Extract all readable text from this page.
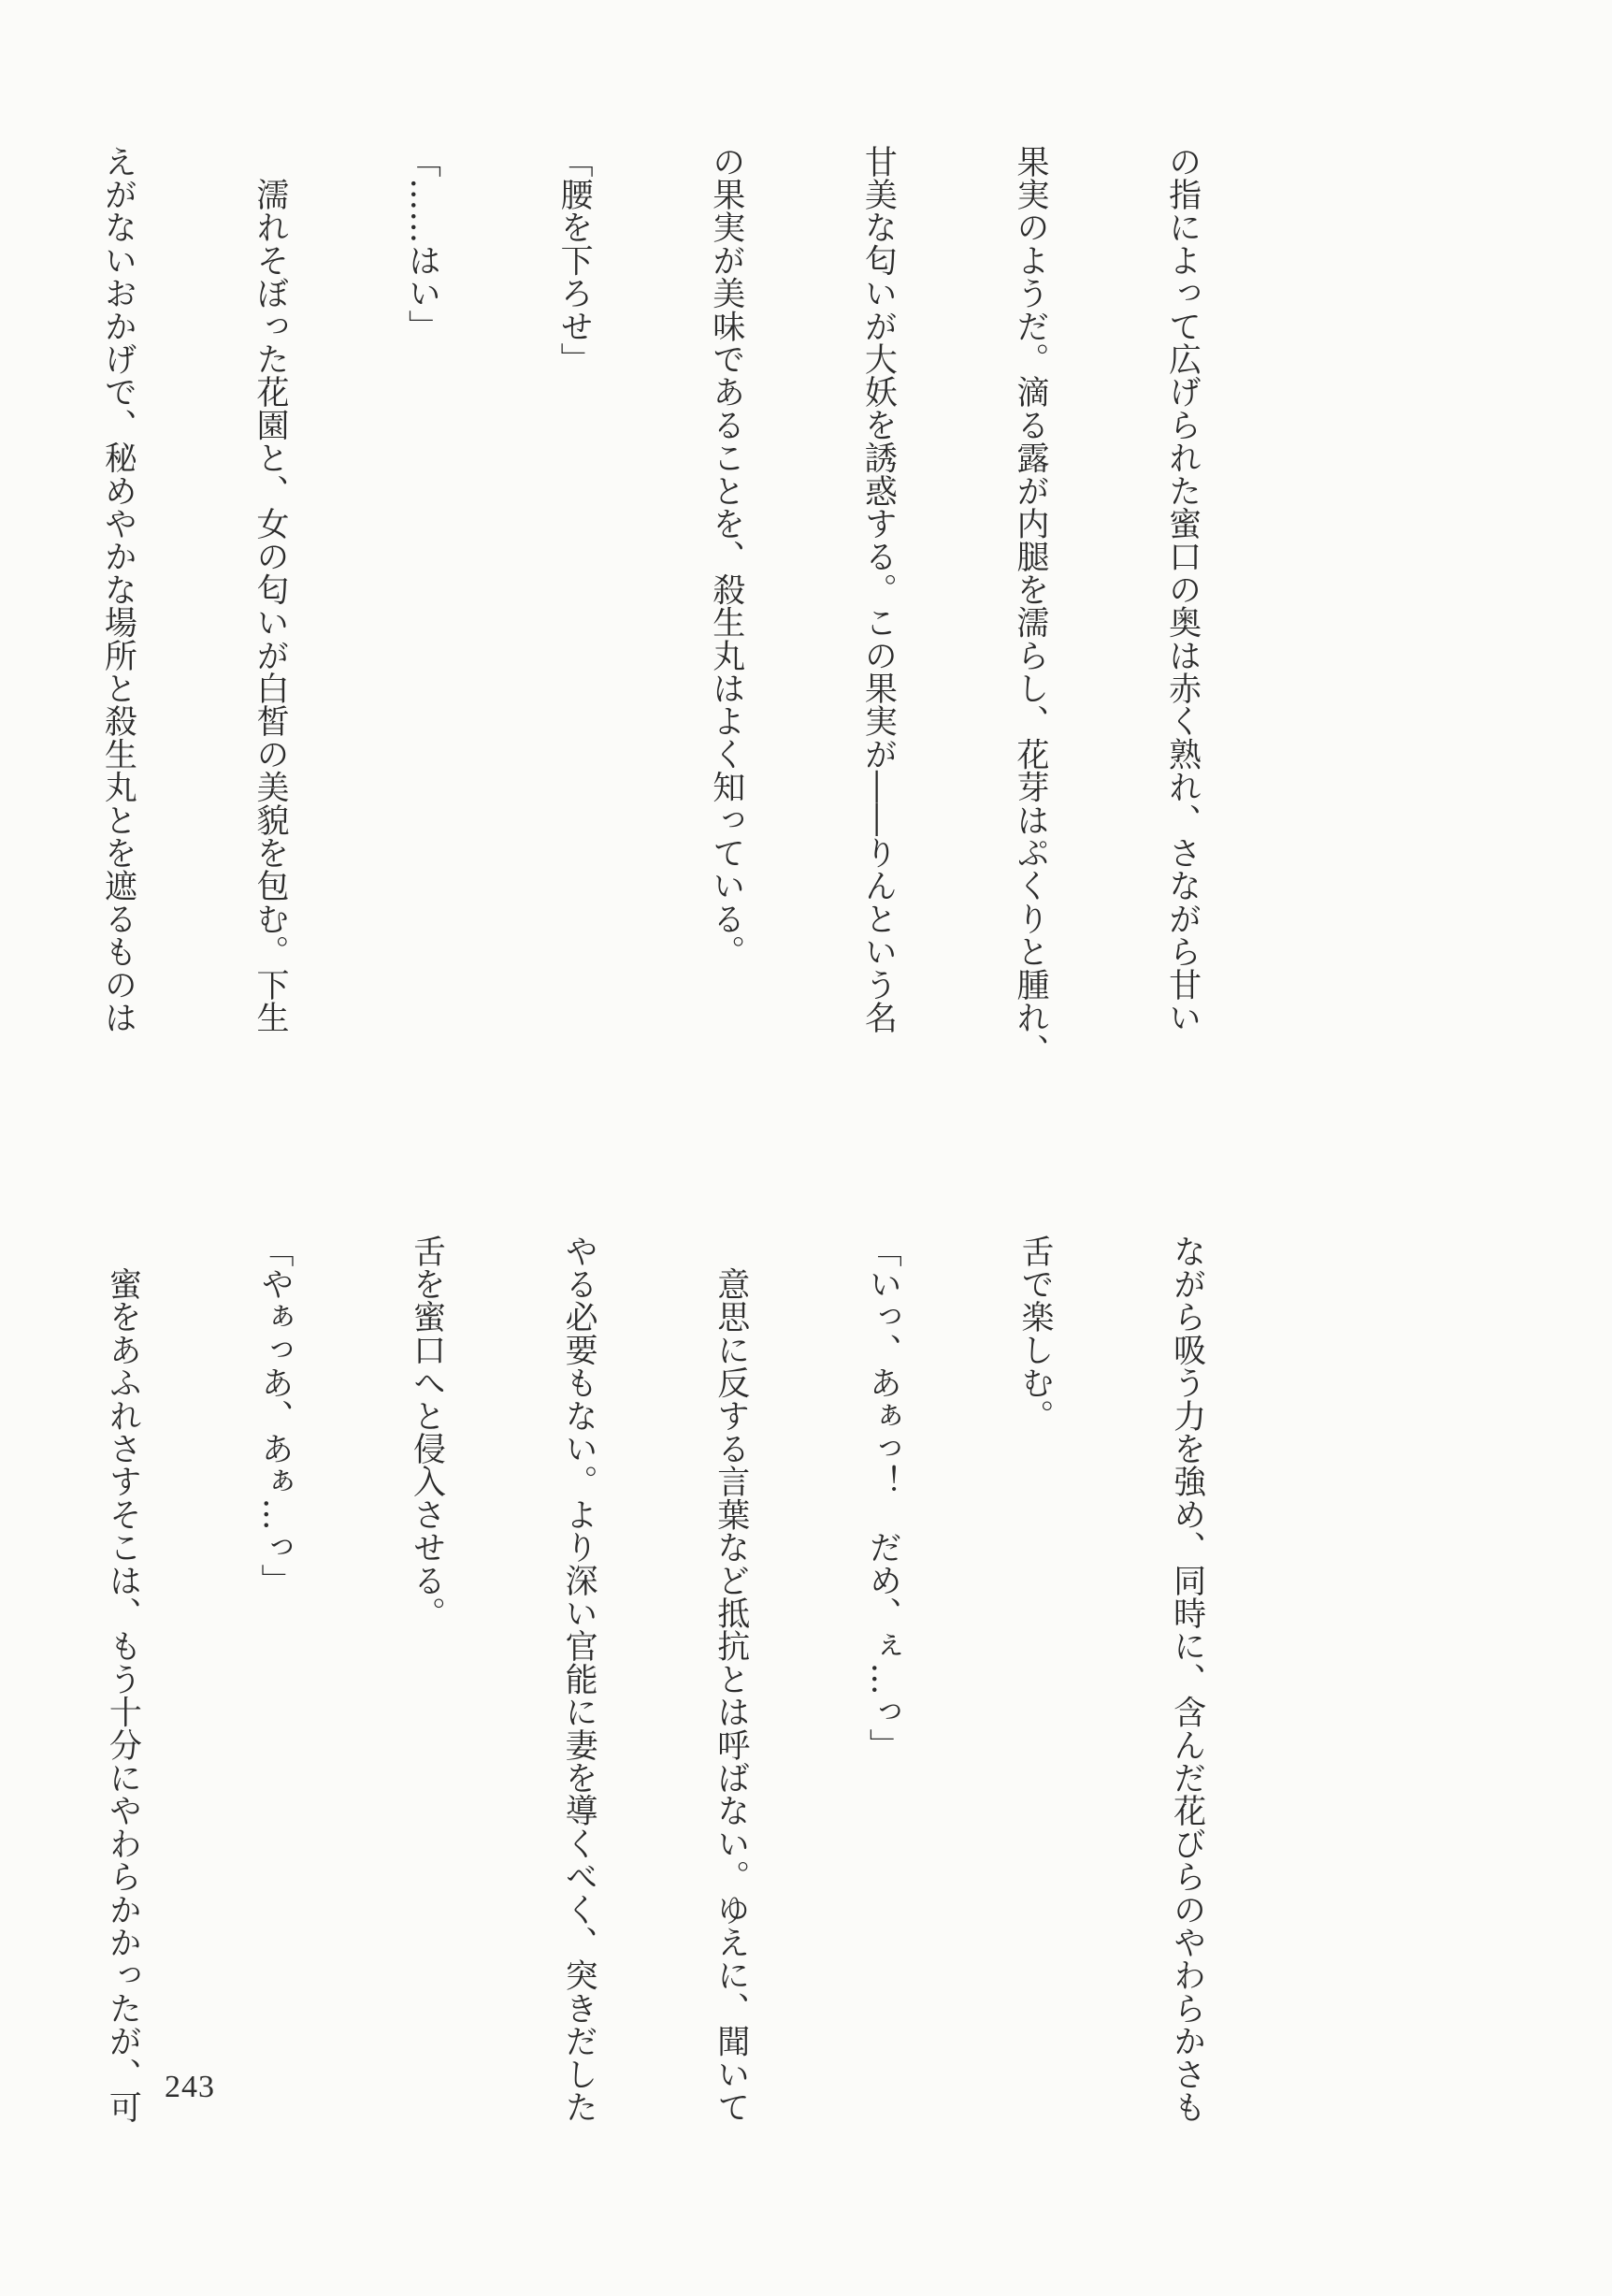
の指によって広げられた蜜口の奥は赤く熟れ、さながら甘い

果実のようだ。滴る露が内腿を濡らし、花芽はぷくりと腫れ、

甘美な匂いが大妖を誘惑する。この果実が――りんという名

の果実が美味であることを、殺生丸はよく知っている。

「腰を下ろせ」

「……はい」

　濡れそぼった花園と、女の匂いが白皙の美貌を包む。下生

えがないおかげで、秘めやかな場所と殺生丸とを遮るものは

ながら吸う力を強め、同時に、含んだ花びらのやわらかさも

舌で楽しむ。

「いっ、あぁっ！　だめ、ぇ…っ」

　意思に反する言葉など抵抗とは呼ばない。ゆえに、聞いて

やる必要もない。より深い官能に妻を導くべく、突きだした

舌を蜜口へと侵入させる。

「やぁっあ、あぁ…っ」

　蜜をあふれさすそこは、もう十分にやわらかかったが、可

243
